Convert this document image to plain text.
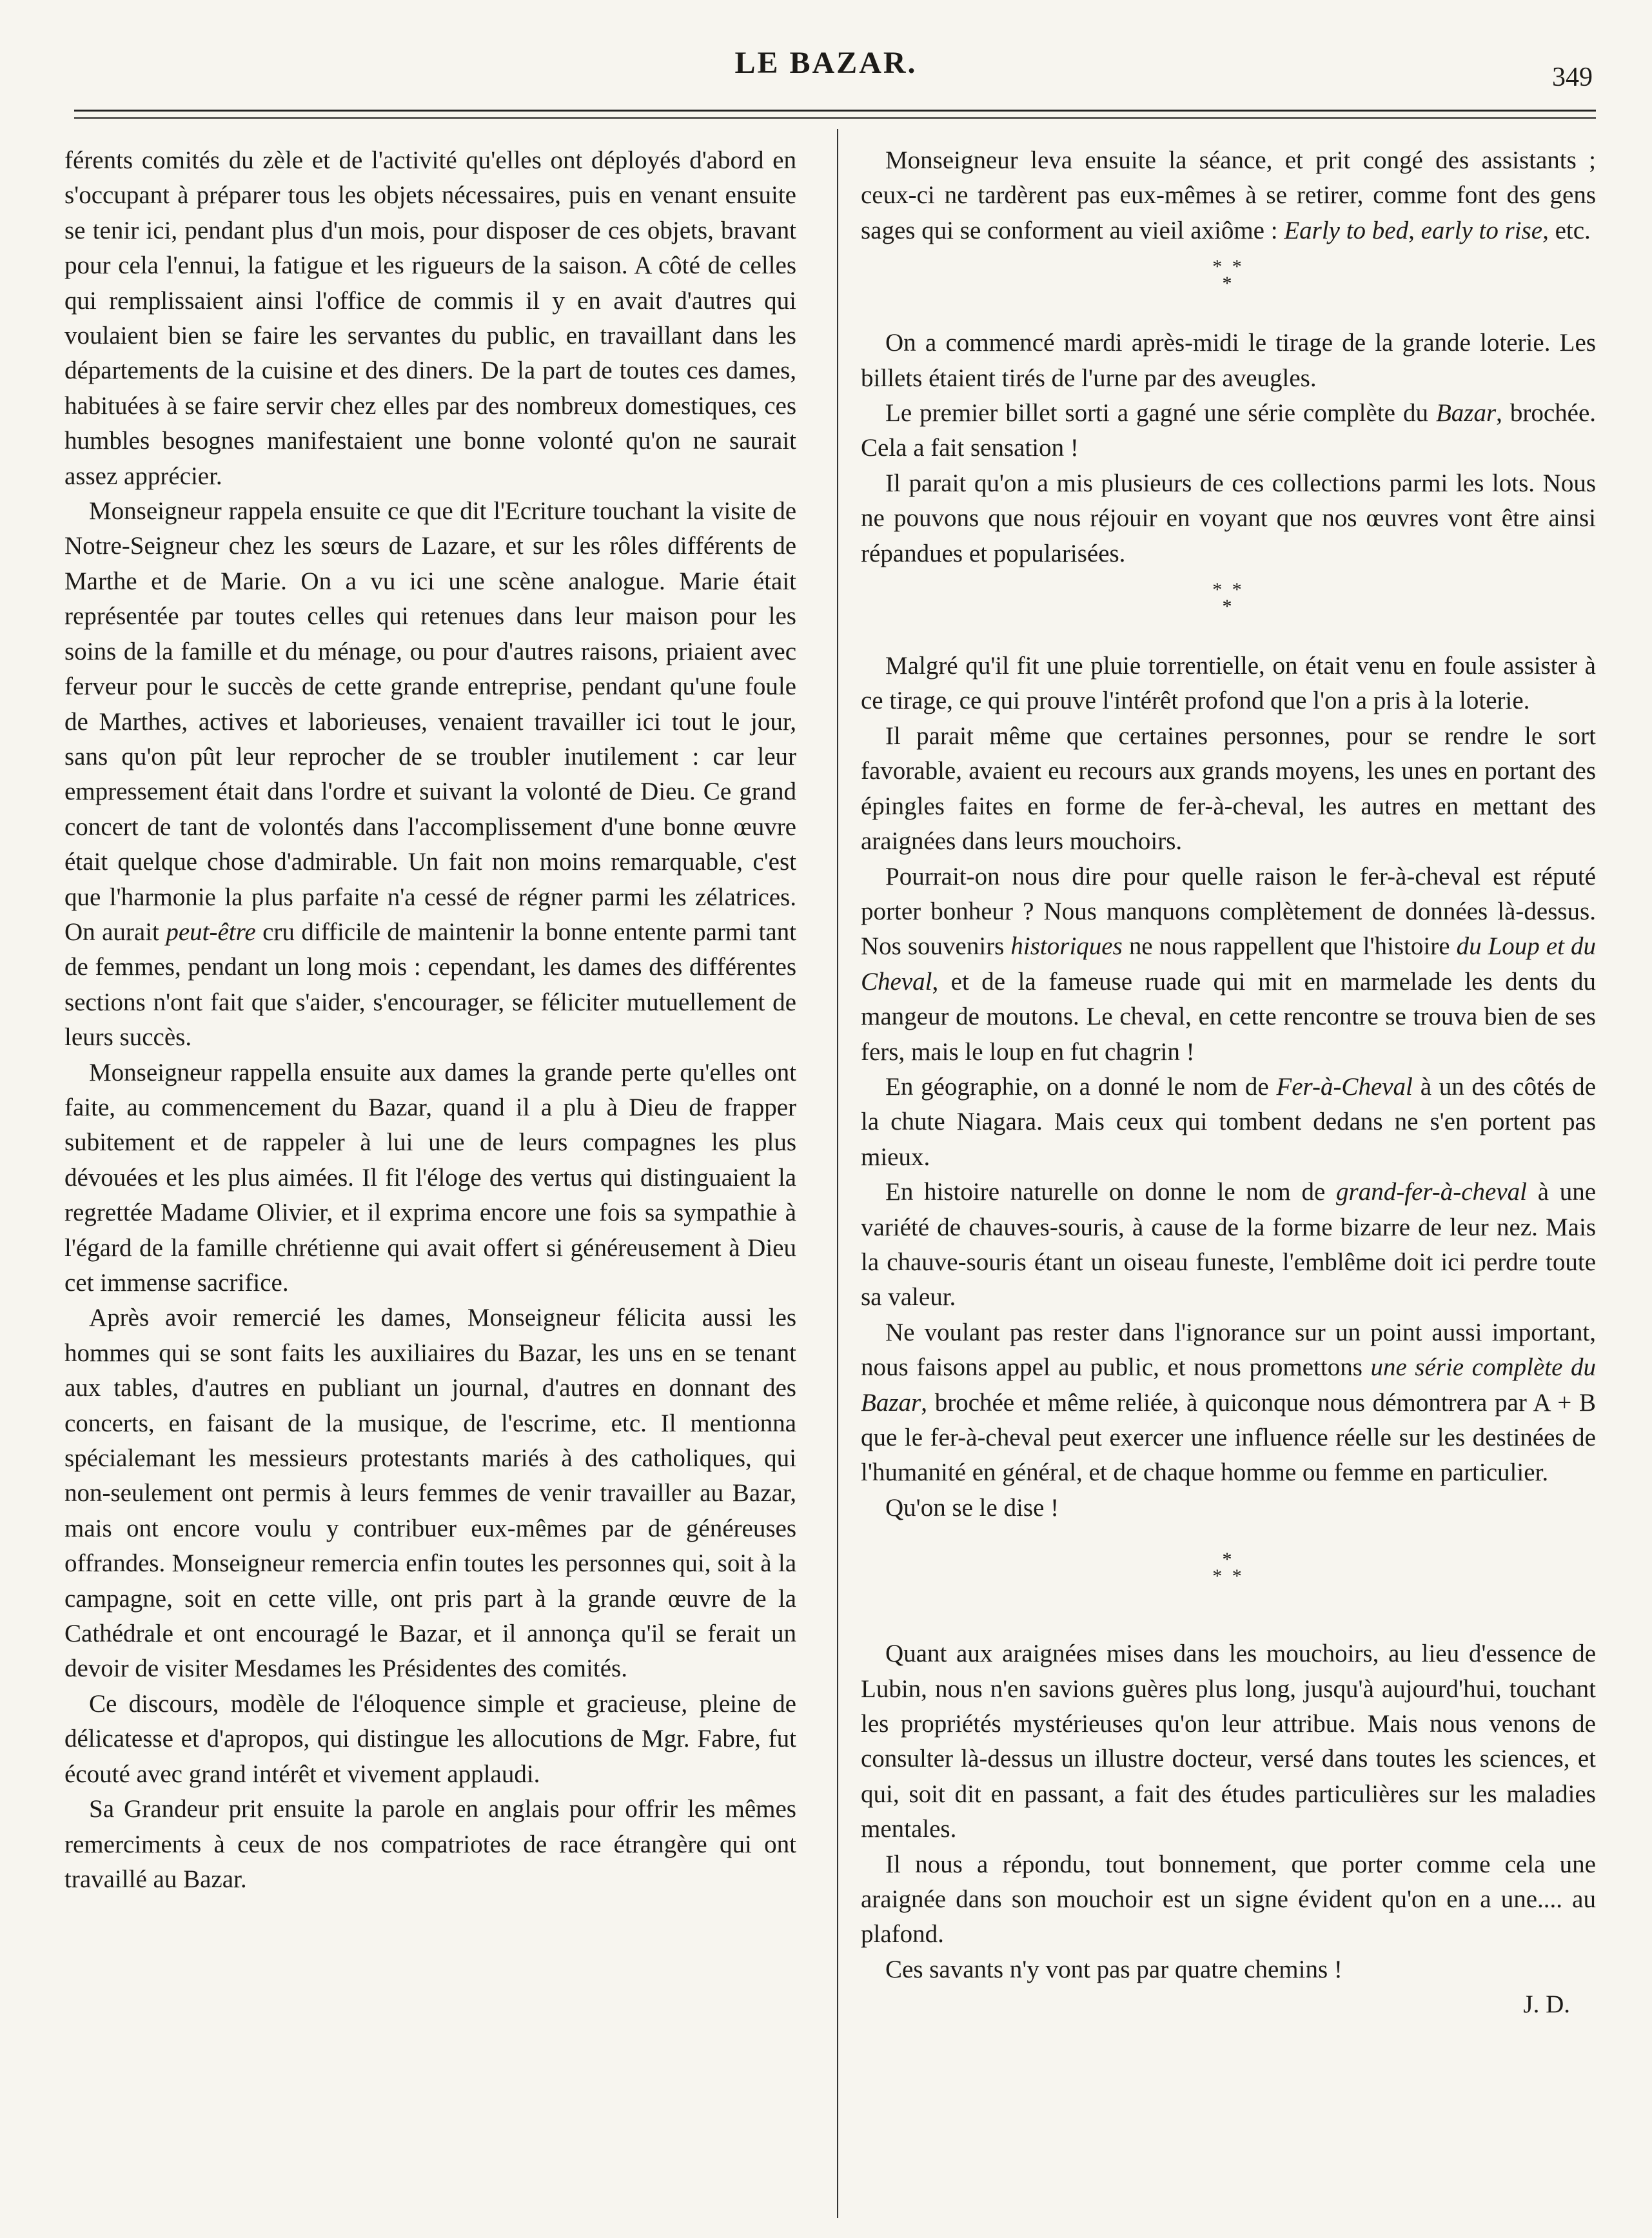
LE BAZAR.	349

férents comités du zèle et de l'activité qu'elles ont déployés d'abord en s'occupant à préparer tous les objets nécessaires, puis en venant ensuite se tenir ici, pendant plus d'un mois, pour disposer de ces objets, bravant pour cela l'ennui, la fatigue et les rigueurs de la saison. A côté de celles qui remplissaient ainsi l'office de commis il y en avait d'autres qui voulaient bien se faire les servantes du public, en travaillant dans les départements de la cuisine et des diners. De la part de toutes ces dames, habituées à se faire servir chez elles par des nombreux domestiques, ces humbles besognes manifestaient une bonne volonté qu'on ne saurait assez apprécier.

Monseigneur rappela ensuite ce que dit l'Ecriture touchant la visite de Notre-Seigneur chez les sœurs de Lazare, et sur les rôles différents de Marthe et de Marie. On a vu ici une scène analogue. Marie était représentée par toutes celles qui retenues dans leur maison pour les soins de la famille et du ménage, ou pour d'autres raisons, priaient avec ferveur pour le succès de cette grande entreprise, pendant qu'une foule de Marthes, actives et laborieuses, venaient travailler ici tout le jour, sans qu'on pût leur reprocher de se troubler inutilement : car leur empressement était dans l'ordre et suivant la volonté de Dieu. Ce grand concert de tant de volontés dans l'accomplissement d'une bonne œuvre était quelque chose d'admirable. Un fait non moins remarquable, c'est que l'harmonie la plus parfaite n'a cessé de régner parmi les zélatrices. On aurait peut-être cru difficile de maintenir la bonne entente parmi tant de femmes, pendant un long mois : cependant, les dames des différentes sections n'ont fait que s'aider, s'encourager, se féliciter mutuellement de leurs succès.

Monseigneur rappella ensuite aux dames la grande perte qu'elles ont faite, au commencement du Bazar, quand il a plu à Dieu de frapper subitement et de rappeler à lui une de leurs compagnes les plus dévouées et les plus aimées. Il fit l'éloge des vertus qui distinguaient la regrettée Madame Olivier, et il exprima encore une fois sa sympathie à l'égard de la famille chrétienne qui avait offert si généreusement à Dieu cet immense sacrifice.

Après avoir remercié les dames, Monseigneur félicita aussi les hommes qui se sont faits les auxiliaires du Bazar, les uns en se tenant aux tables, d'autres en publiant un journal, d'autres en donnant des concerts, en faisant de la musique, de l'escrime, etc. Il mentionna spécialemant les messieurs protestants mariés à des catholiques, qui non-seulement ont permis à leurs femmes de venir travailler au Bazar, mais ont encore voulu y contribuer eux-mêmes par de généreuses offrandes. Monseigneur remercia enfin toutes les personnes qui, soit à la campagne, soit en cette ville, ont pris part à la grande œuvre de la Cathédrale et ont encouragé le Bazar, et il annonça qu'il se ferait un devoir de visiter Mesdames les Présidentes des comités.

Ce discours, modèle de l'éloquence simple et gracieuse, pleine de délicatesse et d'apropos, qui distingue les allocutions de Mgr. Fabre, fut écouté avec grand intérêt et vivement applaudi.

Sa Grandeur prit ensuite la parole en anglais pour offrir les mêmes remerciments à ceux de nos compatriotes de race étrangère qui ont travaillé au Bazar.

Monseigneur leva ensuite la séance, et prit congé des assistants ; ceux-ci ne tardèrent pas eux-mêmes à se retirer, comme font des gens sages qui se conforment au vieil axiôme : Early to bed, early to rise, etc.

* *
*

On a commencé mardi après-midi le tirage de la grande loterie. Les billets étaient tirés de l'urne par des aveugles.

Le premier billet sorti a gagné une série complète du Bazar, brochée. Cela a fait sensation !

Il parait qu'on a mis plusieurs de ces collections parmi les lots. Nous ne pouvons que nous réjouir en voyant que nos œuvres vont être ainsi répandues et popularisées.

* *
*

Malgré qu'il fit une pluie torrentielle, on était venu en foule assister à ce tirage, ce qui prouve l'intérêt profond que l'on a pris à la loterie.

Il parait même que certaines personnes, pour se rendre le sort favorable, avaient eu recours aux grands moyens, les unes en portant des épingles faites en forme de fer-à-cheval, les autres en mettant des araignées dans leurs mouchoirs.

Pourrait-on nous dire pour quelle raison le fer-à-cheval est réputé porter bonheur ? Nous manquons complètement de données là-dessus. Nos souvenirs historiques ne nous rappellent que l'histoire du Loup et du Cheval, et de la fameuse ruade qui mit en marmelade les dents du mangeur de moutons. Le cheval, en cette rencontre se trouva bien de ses fers, mais le loup en fut chagrin !

En géographie, on a donné le nom de Fer-à-Cheval à un des côtés de la chute Niagara. Mais ceux qui tombent dedans ne s'en portent pas mieux.

En histoire naturelle on donne le nom de grand-fer-à-cheval à une variété de chauves-souris, à cause de la forme bizarre de leur nez. Mais la chauve-souris étant un oiseau funeste, l'emblême doit ici perdre toute sa valeur.

Ne voulant pas rester dans l'ignorance sur un point aussi important, nous faisons appel au public, et nous promettons une série complète du Bazar, brochée et même reliée, à quiconque nous démontrera par A + B que le fer-à-cheval peut exercer une influence réelle sur les destinées de l'humanité en général, et de chaque homme ou femme en particulier.

Qu'on se le dise !

*
* *

Quant aux araignées mises dans les mouchoirs, au lieu d'essence de Lubin, nous n'en savions guères plus long, jusqu'à aujourd'hui, touchant les propriétés mystérieuses qu'on leur attribue. Mais nous venons de consulter là-dessus un illustre docteur, versé dans toutes les sciences, et qui, soit dit en passant, a fait des études particulières sur les maladies mentales.

Il nous a répondu, tout bonnement, que porter comme cela une araignée dans son mouchoir est un signe évident qu'on en a une.... au plafond.

Ces savants n'y vont pas par quatre chemins !

J. D.
